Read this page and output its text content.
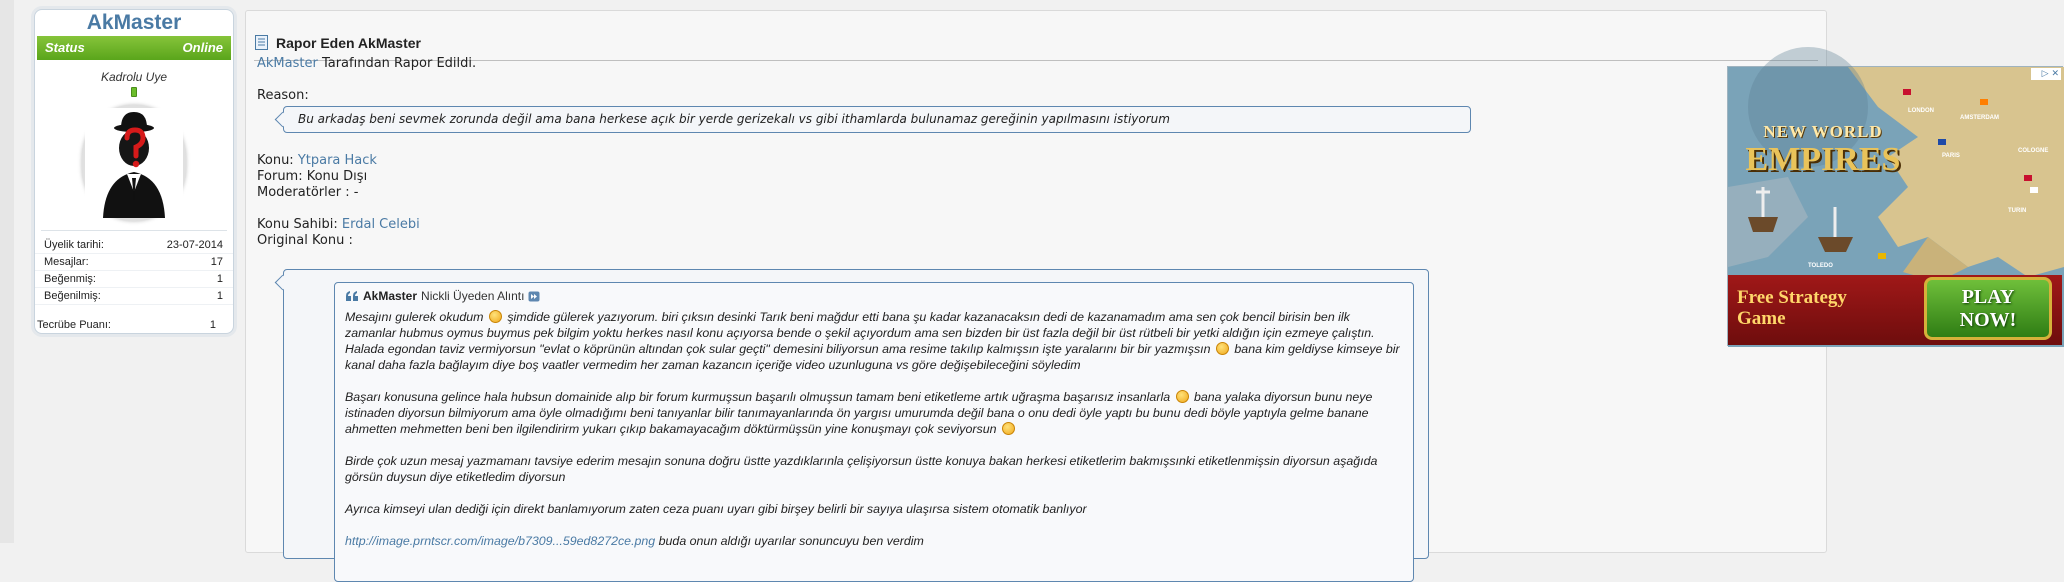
AkMaster
Status	Online
Kadrolu Uye
Üyelik tarihi:	23-07-2014
Mesajlar:	17
Beğenmiş:	1
Beğenilmiş:	1
Tecrübe Puanı:	1
Rapor Eden AkMaster
AkMaster Tarafından Rapor Edildi.
Reason:
Bu arkadaş beni sevmek zorunda değil ama bana herkese açık bir yerde gerizekalı vs gibi ithamlarda bulunamaz gereğinin yapılmasını istiyorum
Konu: Ytpara Hack
Forum: Konu Dışı
Moderatörler : -
Konu Sahibi: Erdal Celebi
Original Konu :
AkMaster Nickli Üyeden Alıntı

Mesajını gulerek okudum  şimdide gülerek yazıyorum. biri çıksın desinki Tarık beni mağdur etti bana şu kadar kazanacaksın dedi de kazanamadım ama sen çok bencil birisin ben ilk zamanlar hubmus oymus buymus pek bilgim yoktu herkes nasıl konu açıyorsa bende o şekil açıyordum ama sen bizden bir üst fazla değil bir üst rütbeli bir yetki aldığın için ezmeye çalıştın. Halada egondan taviz vermiyorsun "evlat o köprünün altından çok sular geçti" demesini biliyorsun ama resime takılıp kalmışsın işte yaralarını bir bir yazmışsın  bana kim geldiyse kimseye bir kanal daha fazla bağlayım diye boş vaatler vermedim her zaman kazancın içeriğe video uzunluguna vs göre değişebileceğini söyledim

Başarı konusuna gelince hala hubsun domainide alıp bir forum kurmuşsun başarılı olmuşsun tamam beni etiketleme artık uğraşma başarısız insanlarla  bana yalaka diyorsun bunu neye istinaden diyorsun bilmiyorum ama öyle olmadığımı beni tanıyanlar bilir tanımayanlarında ön yargısı umurumda değil bana o onu dedi öyle yaptı bu bunu dedi böyle yaptıyla gelme banane ahmetten mehmetten beni ben ilgilendirirm yukarı çıkıp bakamayacağım döktürmüşsün yine konuşmayı çok seviyorsun

Birde çok uzun mesaj yazmamanı tavsiye ederim mesajın sonuna doğru üstte yazdıklarınla çelişiyorsun üstte konuya bakan herkesi etiketlerim bakmışsınki etiketlenmişsin diyorsun aşağıda görsün duysun diye etiketledim diyorsun

Ayrıca kimseyi ulan dediği için direkt banlamıyorum zaten ceza puanı uyarı gibi birşey belirli bir sayıya ulaşırsa sistem otomatik banlıyor

http://image.prntscr.com/image/b7309...59ed8272ce.png buda onun aldığı uyarılar sonuncuyu ben verdim

LONDON
AMSTERDAM
PARIS
COLOGNE
TURIN
TOLEDO
▷ ✕
NEW WORLD
EMPIRES
Free Strategy
Game
PLAY
NOW!
